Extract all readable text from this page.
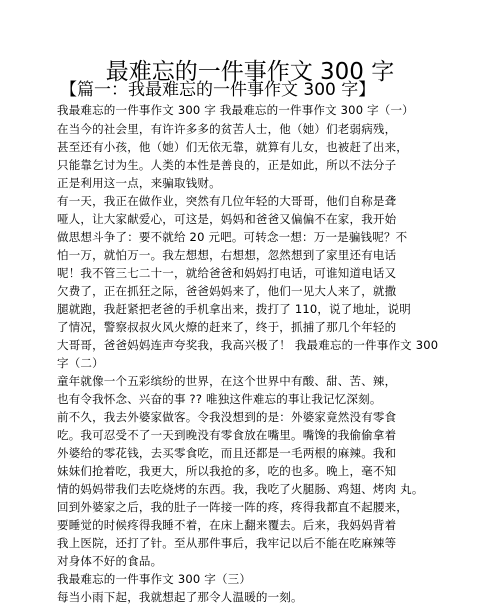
最难忘的一件事作文 300 字
【篇一：我最难忘的一件事作文 300 字】
我最难忘的一件事作文 300 字 我最难忘的一件事作文 300 字（一）
在当今的社会里，有许许多多的贫苦人士，他（她）们老弱病残，
甚至还有小孩，他（她）们无依无靠，就算有儿女，也被赶了出来，
只能靠乞讨为生。人类的本性是善良的，正是如此，所以不法分子
正是利用这一点，来骗取钱财。
有一天，我正在做作业，突然有几位年轻的大哥哥，他们自称是聋
哑人，让大家献爱心，可这是，妈妈和爸爸又偏偏不在家，我开始
做思想斗争了：要不就给 20 元吧。可转念一想：万一是骗钱呢？不
怕一万，就怕万一。我左想想，右想想，忽然想到了家里还有电话
呢！我不管三七二十一，就给爸爸和妈妈打电话，可谁知道电话又
欠费了，正在抓狂之际，爸爸妈妈来了，他们一见大人来了，就撒
腿就跑，我赶紧把老爸的手机拿出来，拨打了 110，说了地址，说明
了情况，警察叔叔火风火燎的赶来了，终于，抓捕了那几个年轻的
大哥哥，爸爸妈妈连声夸奖我，我高兴极了！ 我最难忘的一件事作文 300
字（二）
童年就像一个五彩缤纷的世界，在这个世界中有酸、甜、苦、辣，
也有令我怀念、兴奋的事 ?? 唯独这件难忘的事让我记忆深刻。
前不久，我去外婆家做客。令我没想到的是：外婆家竟然没有零食
吃。我可忍受不了一天到晚没有零食放在嘴里。嘴馋的我偷偷拿着
外婆给的零花钱，去买零食吃，而且还都是一毛两根的麻辣。我和
妹妹们抢着吃，我更大，所以我抢的多，吃的也多。晚上，毫不知
情的妈妈带我们去吃烧烤的东西。我，我吃了火腿肠、鸡翅、烤肉 丸。
回到外婆家之后，我的肚子一阵接一阵的疼，疼得我都直不起腰来，
要睡觉的时候疼得我睡不着，在床上翻来覆去。后来，我妈妈背着
我上医院，还打了针。至从那件事后，我牢记以后不能在吃麻辣等
对身体不好的食品。
我最难忘的一件事作文 300 字（三）
每当小雨下起，我就想起了那令人温暖的一刻。
